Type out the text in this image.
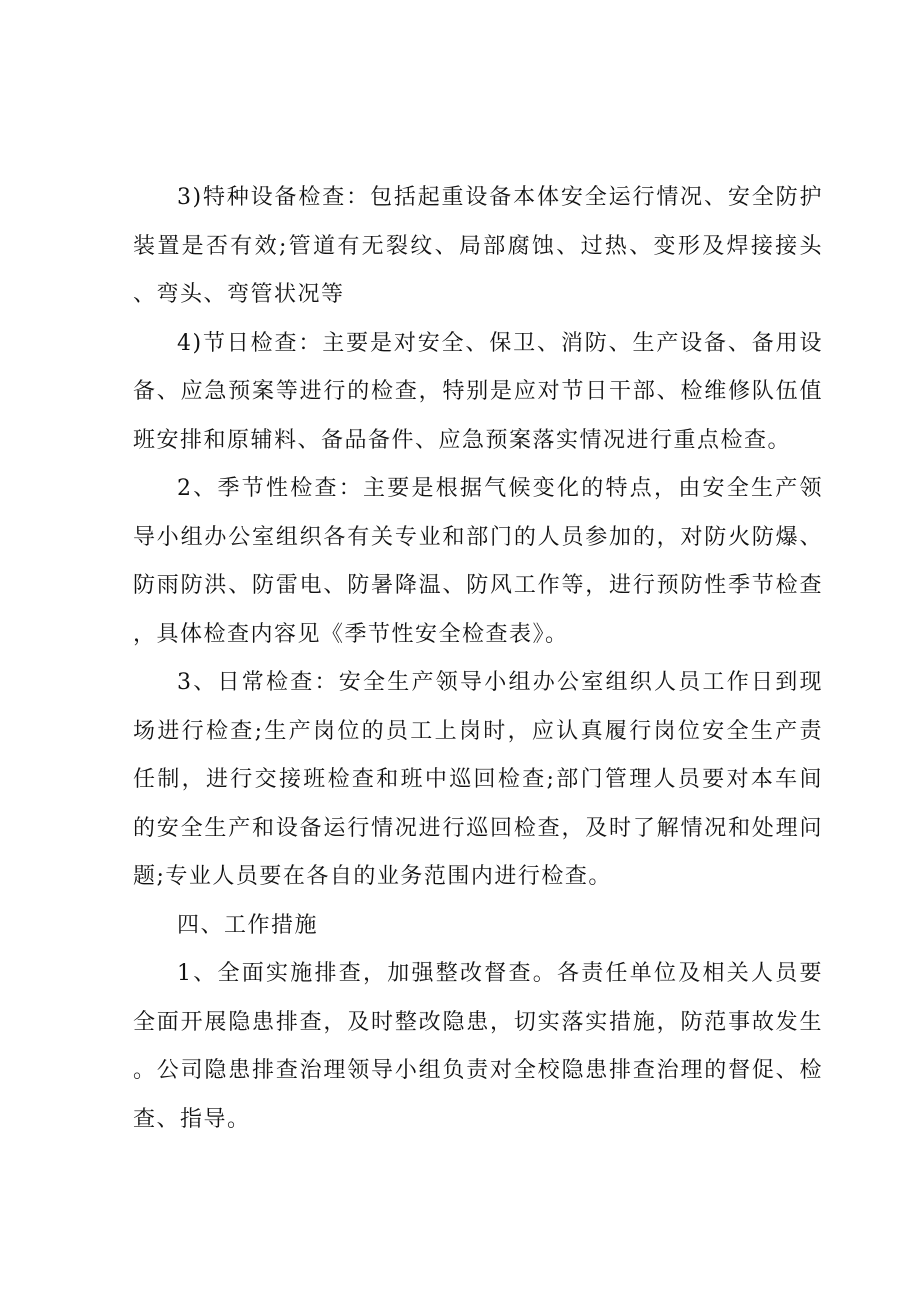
3)特种设备检查：包括起重设备本体安全运行情况、安全防护装置是否有效;管道有无裂纹、局部腐蚀、过热、变形及焊接接头、弯头、弯管状况等

4)节日检查：主要是对安全、保卫、消防、生产设备、备用设备、应急预案等进行的检查，特别是应对节日干部、检维修队伍值班安排和原辅料、备品备件、应急预案落实情况进行重点检查。

2、季节性检查：主要是根据气候变化的特点，由安全生产领导小组办公室组织各有关专业和部门的人员参加的，对防火防爆、防雨防洪、防雷电、防暑降温、防风工作等，进行预防性季节检查，具体检查内容见《季节性安全检查表》。

3、日常检查：安全生产领导小组办公室组织人员工作日到现场进行检查;生产岗位的员工上岗时，应认真履行岗位安全生产责任制，进行交接班检查和班中巡回检查;部门管理人员要对本车间的安全生产和设备运行情况进行巡回检查，及时了解情况和处理问题;专业人员要在各自的业务范围内进行检查。

四、工作措施

1、全面实施排查，加强整改督查。各责任单位及相关人员要全面开展隐患排查，及时整改隐患，切实落实措施，防范事故发生。公司隐患排查治理领导小组负责对全校隐患排查治理的督促、检查、指导。
